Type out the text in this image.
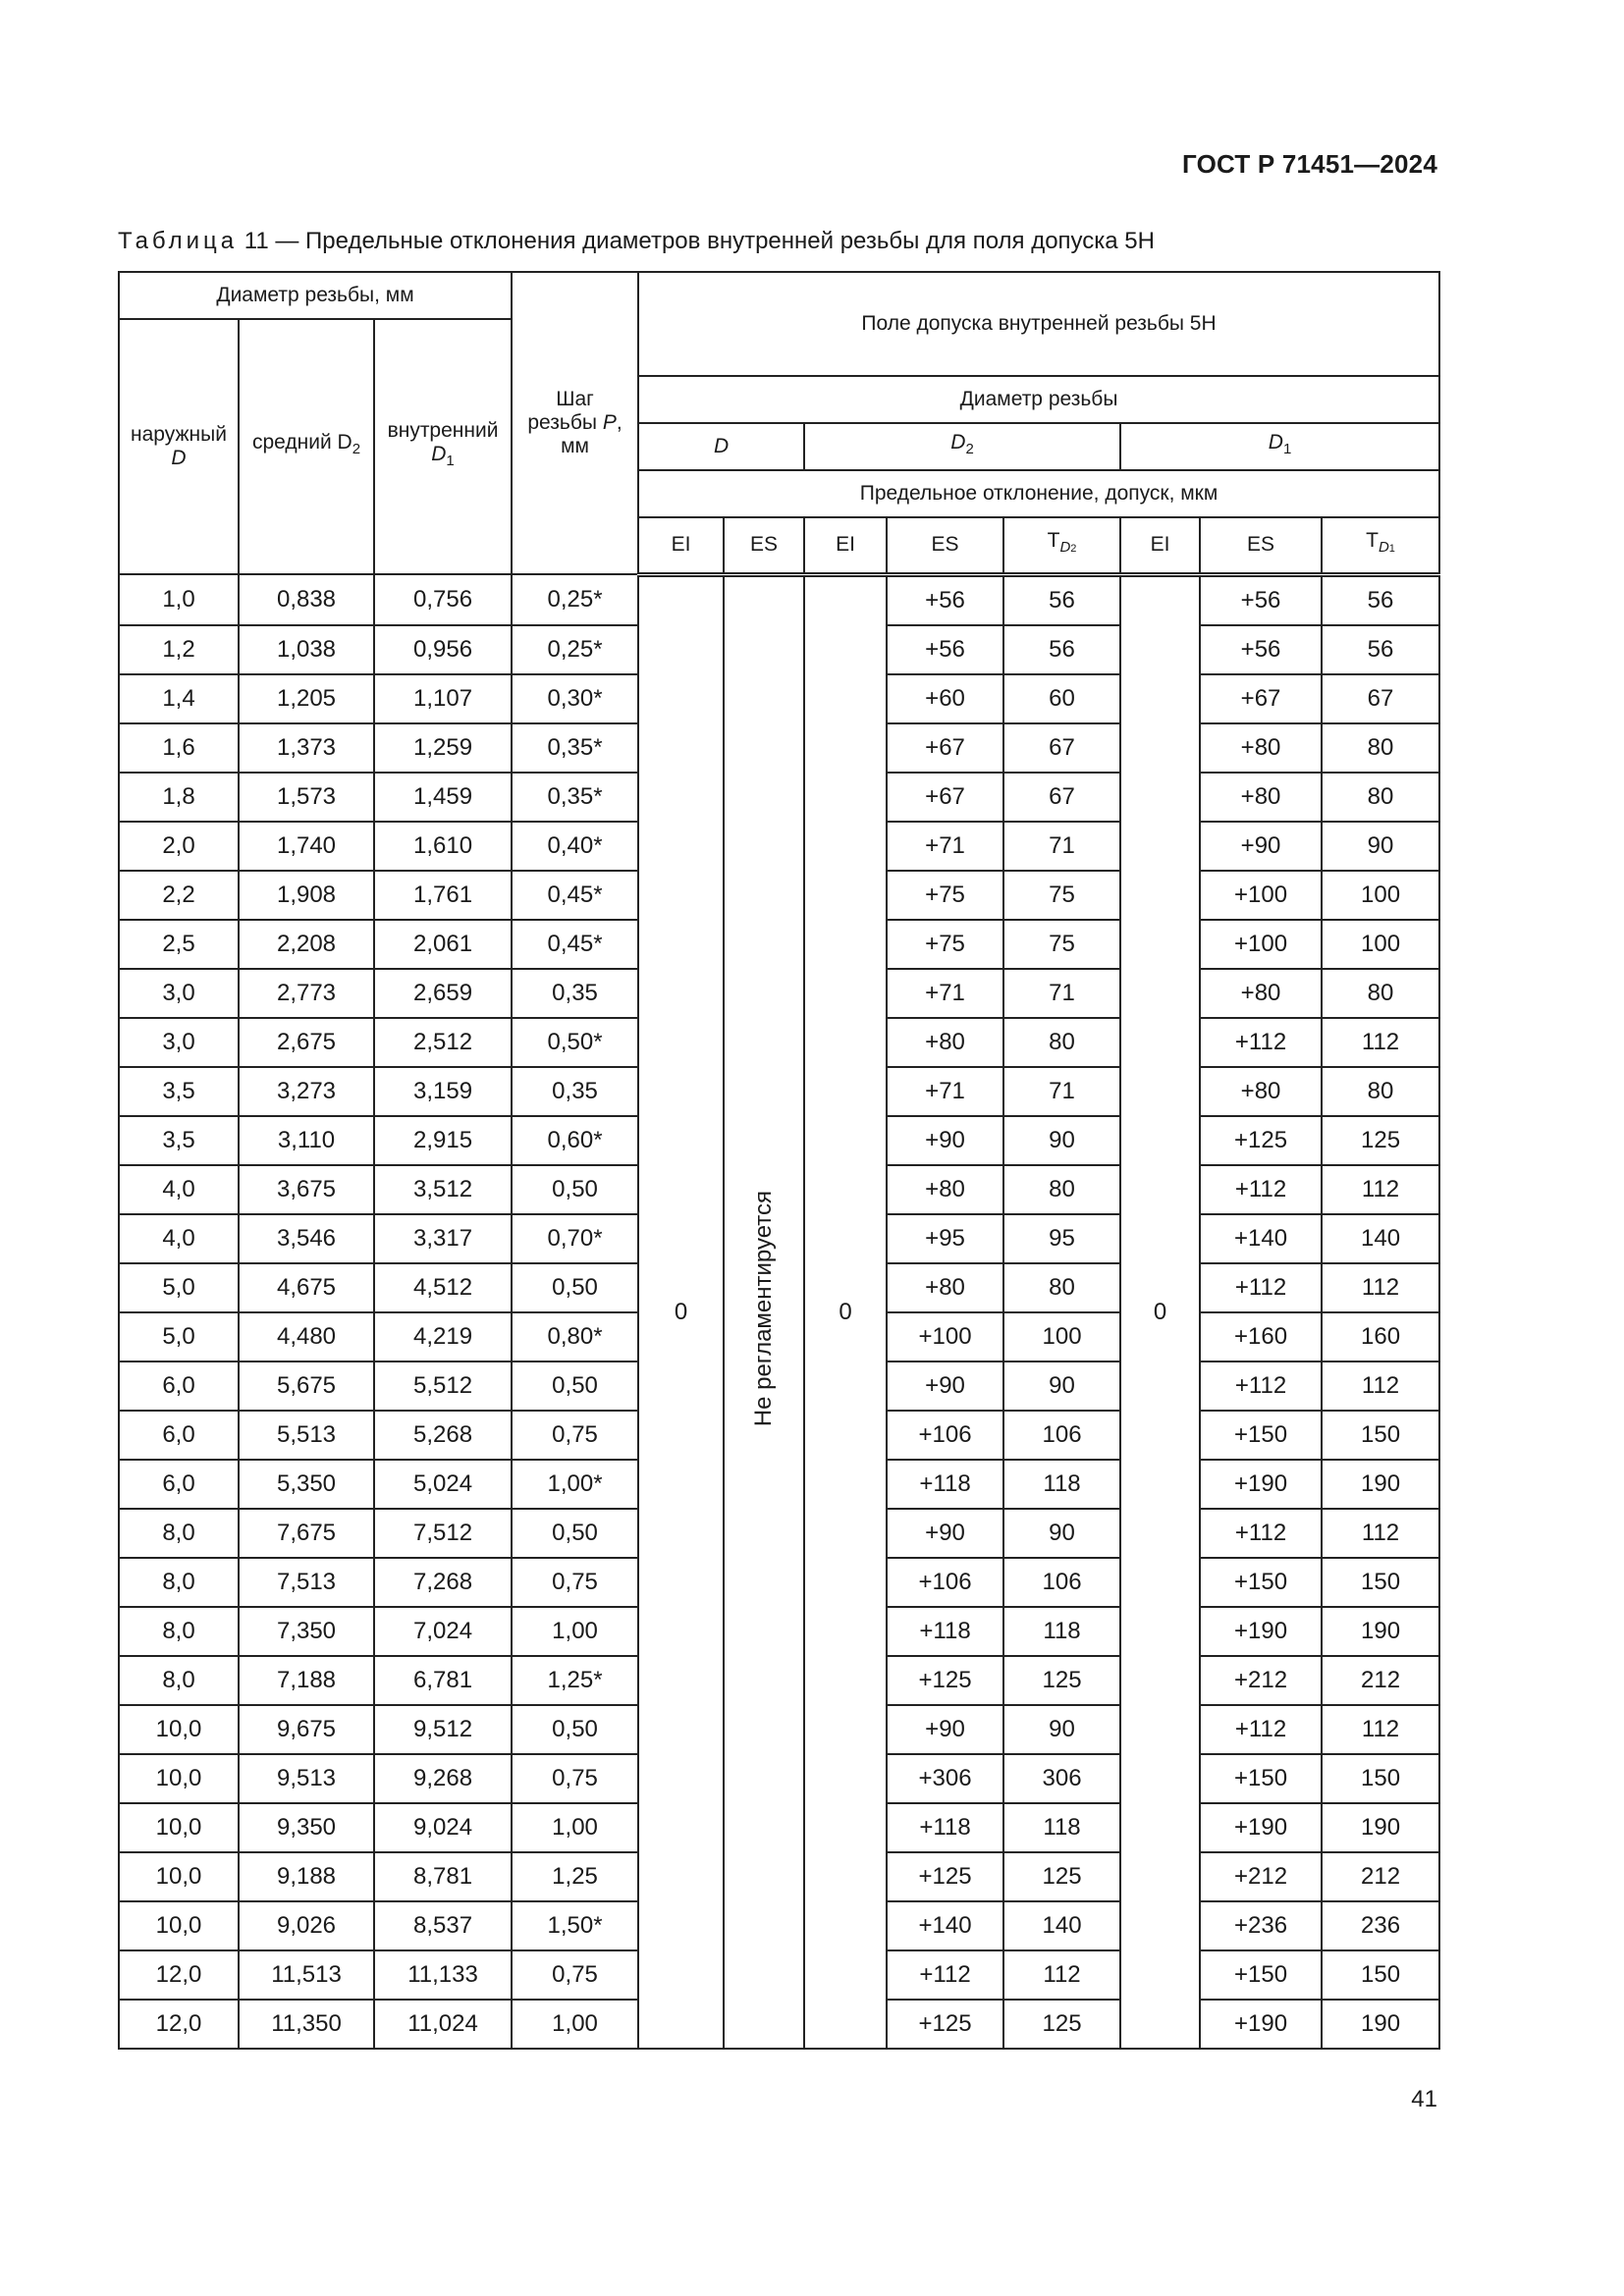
ГОСТ Р 71451—2024
Таблица 11 — Предельные отклонения диаметров внутренней резьбы для поля допуска 5Н
Диаметр резьбы, мм			Шаг
резьбы P,
мм	Поле допуска внутренней резьбы 5Н							
наружный
D	средний $D_2$	внутренний
$D_1$
				Диаметр резьбы							
				D		$D_2$			$D_1$
				Предельное отклонение, допуск, мкм							
				EI	ES	EI	ES	$T_{D2}$	EI	ES	$T_{D1}$
1,0	0,838	0,756	0,25*	0	Не регламентируется	0	+56	56	0	+56	56
1,2	1,038	0,956	0,25*				+56	56		+56	56
1,4	1,205	1,107	0,30*				+60	60		+67	67
1,6	1,373	1,259	0,35*				+67	67		+80	80
1,8	1,573	1,459	0,35*				+67	67		+80	80
2,0	1,740	1,610	0,40*				+71	71		+90	90
2,2	1,908	1,761	0,45*				+75	75		+100	100
2,5	2,208	2,061	0,45*				+75	75		+100	100
3,0	2,773	2,659	0,35				+71	71		+80	80
3,0	2,675	2,512	0,50*				+80	80		+112	112
3,5	3,273	3,159	0,35				+71	71		+80	80
3,5	3,110	2,915	0,60*				+90	90		+125	125
4,0	3,675	3,512	0,50				+80	80		+112	112
4,0	3,546	3,317	0,70*				+95	95		+140	140
5,0	4,675	4,512	0,50				+80	80		+112	112
5,0	4,480	4,219	0,80*				+100	100		+160	160
6,0	5,675	5,512	0,50				+90	90		+112	112
6,0	5,513	5,268	0,75				+106	106		+150	150
6,0	5,350	5,024	1,00*				+118	118		+190	190
8,0	7,675	7,512	0,50				+90	90		+112	112
8,0	7,513	7,268	0,75				+106	106		+150	150
8,0	7,350	7,024	1,00				+118	118		+190	190
8,0	7,188	6,781	1,25*				+125	125		+212	212
10,0	9,675	9,512	0,50				+90	90		+112	112
10,0	9,513	9,268	0,75				+306	306		+150	150
10,0	9,350	9,024	1,00				+118	118		+190	190
10,0	9,188	8,781	1,25				+125	125		+212	212
10,0	9,026	8,537	1,50*				+140	140		+236	236
12,0	11,513	11,133	0,75				+112	112		+150	150
12,0	11,350	11,024	1,00				+125	125		+190	190
41
